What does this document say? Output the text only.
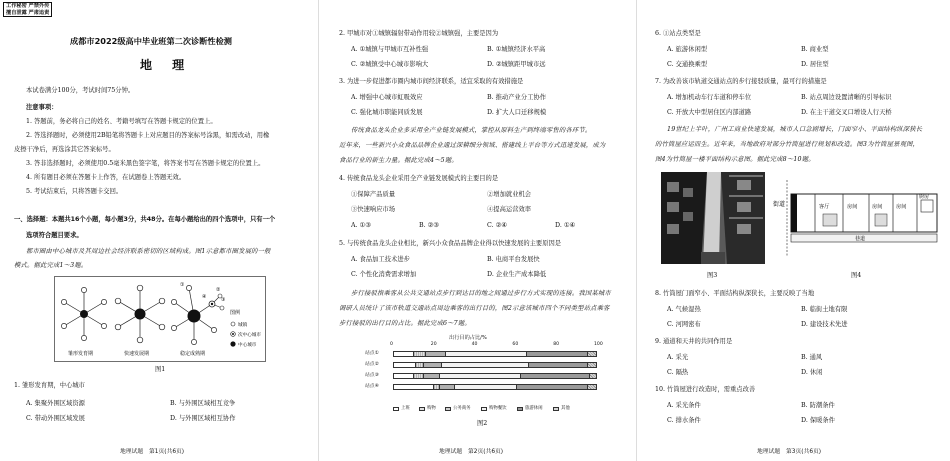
工作秘密 严禁外传
擅自泄露 严肃追责
成都市2022级高中毕业班第二次诊断性检测
地 理
本试卷满分100分，考试时间75分钟。
注意事项：
1. 答题前，务必将自己的姓名、考籍号填写在答题卡规定的位置上。
2. 答选择题时，必须使用2B铅笔将答题卡上对应题目的答案标号涂黑，如需改动，用橡
皮擦干净后，再选涂其它答案标号。
3. 答非选择题时，必须使用0.5毫米黑色签字笔，将答案书写在答题卡规定的位置上。
4. 所有题目必须在答题卡上作答，在试题卷上答题无效。
5. 考试结束后，只将答题卡交回。
一、选择题：本题共16个小题，每小题3分，共48分。在每小题给出的四个选项中，只有一个
选项符合题目要求。
都市圈由中心城市及其周边社会经济联系密切的区域构成。图1示意都市圈发展的一般
模式。据此完成1～3题。
①
②
③
④
雏形发育期	快速发展期	稳定成熟期
图例
城镇
次中心城市
中心城市
图1
1. 雏形发育期，中心城市
A. 集聚外围区域资源	B. 与外围区域相互竞争
C. 带动外围区域发展	D. 与外围区域相互协作
地理试题　第1页(共6页)
2. 甲城市对①城镇辐射带动作用较②城镇强，主要是因为
A. ①城镇与甲城市互补性强	B. ①城镇经济水平高
C. ②城镇受中心城市影响大	D. ②城镇距甲城市远
3. 为进一步促进都市圈内城市间经济联系，适宜采取的有效措施是
A. 增强中心城市虹吸效应	B. 推动产业分工协作
C. 强化城市职能同质发展	D. 扩大人口迁移规模
传统食品龙头企业多采用全产业链发展模式，掌控从原料生产到终端零售的各环节。
近年来，一些新兴小众食品品牌企业通过深耕细分领域、搭建线上平台等方式迅速发展，成为
食品行业的新生力量。据此完成4～5题。
4. 传统食品龙头企业采用全产业链发展模式的主要目的是
①保障产品质量	②增加就业机会
③快速响应市场	④提高运营效率
A. ①③	B. ②③	C. ②④	D. ①④
5. 与传统食品龙头企业相比，新兴小众食品品牌企业得以快速发展的主要原因是
A. 食品加工技术进步	B. 电商平台发展快
C. 个性化消费需求增加	D. 企业生产成本降低
步行接驳指乘客从公共交通站点步行到达目的地之间通过步行方式实现的连接。我国某城市
调研人员统计了该市轨道交通站点周边乘客的出行目的，图2示意该城市四个不同类型站点乘客
步行接驳的出行目的占比。据此完成6～7题。
出行目的占比/%
0	20	40	60	80	100
站点①
站点②
站点③
站点④
上班	购物	公务商务	购物餐饮	旅游休闲	其他
图2
地理试题　第2页(共6页)
6. ①站点类型是
A. 旅游休闲型	B. 商业型
C. 交通换乘型	D. 居住型
7. 为改善该市轨道交通站点的步行接驳质量，最可行的措施是
A. 增加机动车行车道和停车位	B. 站点周边设置清晰的引导标识
C. 开放大中型居住区内部道路	D. 在主干道交叉口增设人行天桥
19世纪上半叶，广州工商业快速发展，城市人口急剧增长，门面窄小、平面结构纵深狭长
的竹筒屋应运而生。近年来，当地政府对部分竹筒屋进行规划和改造。图3为竹筒屋景观图，
图4为竹筒屋一楼平面结构示意图。据此完成8～10题。
街道	客厅	房间	房间	房间
厨房
巷道
图3	图4
8. 竹筒屋门面窄小、平面结构纵深狭长，主要反映了当地
A. 气候湿热	B. 临街土地有限
C. 河网密布	D. 建设技术先进
9. 通道和天井的共同作用是
A. 采光	B. 通风
C. 隔热	D. 休闲
10. 竹筒屋进行改造时，需重点改善
A. 采光条件	B. 防潮条件
C. 排水条件	D. 保暖条件
地理试题　第3页(共6页)
